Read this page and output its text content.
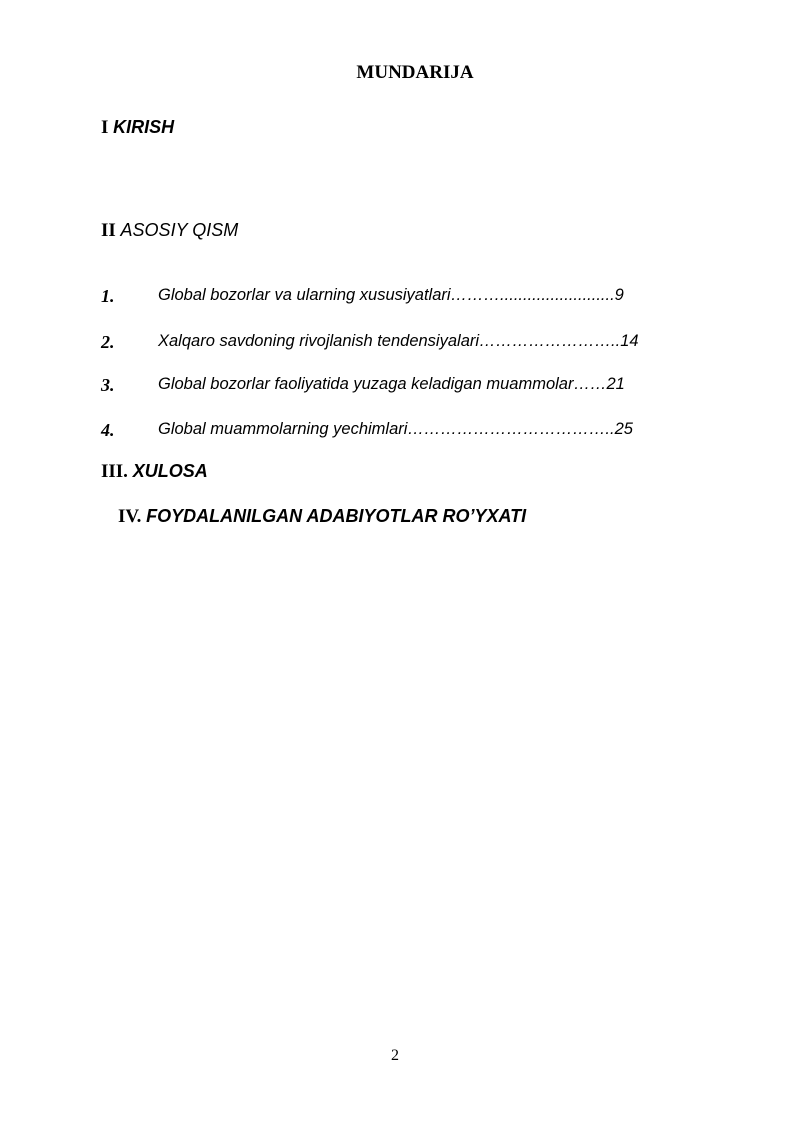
MUNDARIJA
I KIRISH
II ASOSIY QISM
1.	Global bozorlar va ularning xususiyatlari……….........................9
2.	Xalqaro savdoning rivojlanish tendensiyalari……………………..14
3.	Global bozorlar faoliyatida yuzaga keladigan muammolar……21
4.	Global muammolarning yechimlari………………………………..25
III. XULOSA
IV. FOYDALANILGAN ADABIYOTLAR RO’YXATI
2
